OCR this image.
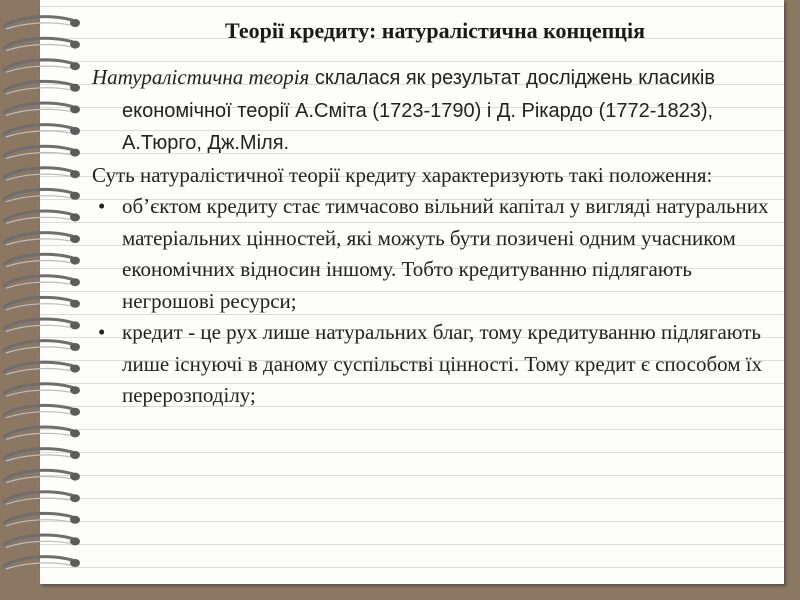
Теорії кредиту: натуралістична концепція

Натуралістична теорія склалася як результат досліджень класиків економічної теорії А.Сміта (1723-1790) і Д. Рікардо (1772-1823), А.Тюрго, Дж.Міля.

Суть натуралістичної теорії кредиту характеризують такі положення:

• об’єктом кредиту стає тимчасово вільний капітал у вигляді натуральних матеріальних цінностей, які можуть бути позичені одним учасником економічних відносин іншому. Тобто кредитуванню підлягають негрошові ресурси;

• кредит - це рух лише натуральних благ, тому кредитуванню підлягають лише існуючі в даному суспільстві цінності. Тому кредит є способом їх перерозподілу;
